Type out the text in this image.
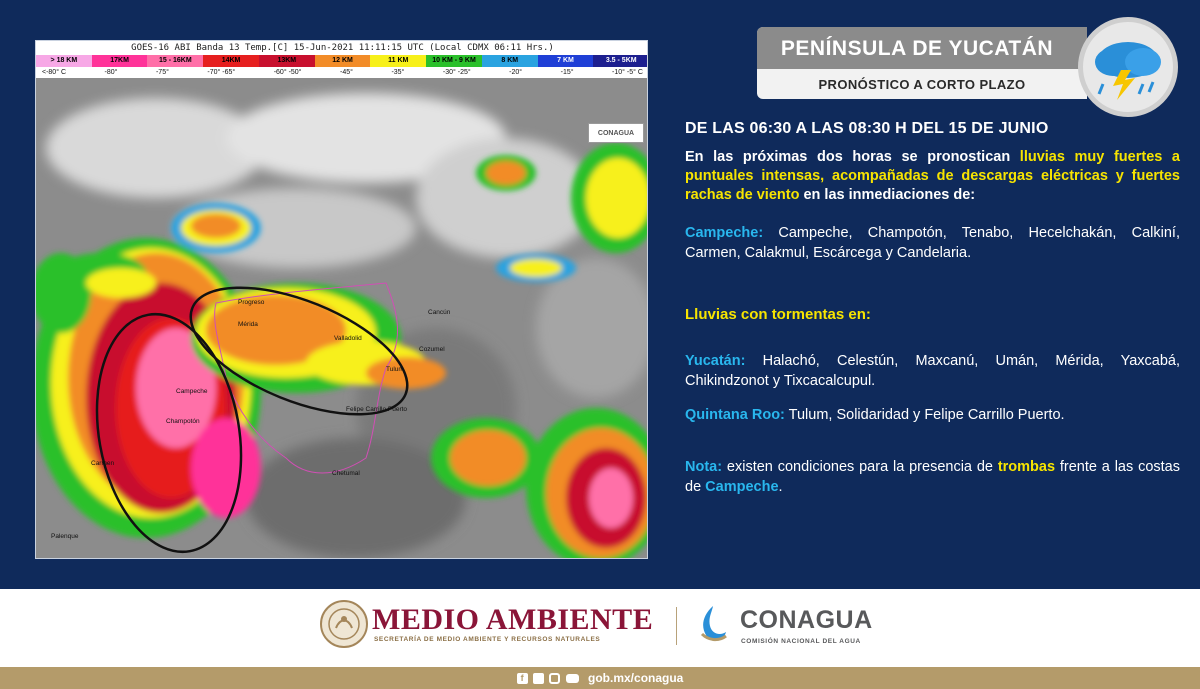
GOES-16 ABI Banda 13 Temp.[C] 15-Jun-2021 11:11:15 UTC (Local CDMX 06:11 Hrs.)
> 18 KM	17KM	15 - 16KM	14KM	13KM	12 KM	11 KM	10 KM - 9 KM	8 KM	7 KM	3.5 - 5KM
<-80° C	-80°	-75°	-70° -65°	-60° -50°	-45°	-35°	-30° -25°	-20°	-15°	-10° -5° C
Progreso
Mérida
Valladolid
Cancún
Cozumel
Tulum
Campeche
Champotón
Carmen
Felipe Carrillo Puerto
Chetumal
Palenque
CONAGUA
PENÍNSULA DE YUCATÁN
PRONÓSTICO A CORTO PLAZO
DE LAS 06:30 A LAS 08:30 H DEL 15 DE JUNIO

En las próximas dos horas se pronostican lluvias muy fuertes a puntuales intensas, acompañadas de descargas eléctricas y fuertes rachas de viento en las inmediaciones de:

Campeche: Campeche, Champotón, Tenabo, Hecelchakán, Calkiní, Carmen, Calakmul, Escárcega y Candelaria.

Lluvias con tormentas en:

Yucatán: Halachó, Celestún, Maxcanú, Umán, Mérida, Yaxcabá, Chikindzonot y Tixcacalcupul.

Quintana Roo: Tulum, Solidaridad y Felipe Carrillo Puerto.

Nota: existen condiciones para la presencia de trombas frente a las costas de Campeche.

MEDIO AMBIENTE
SECRETARÍA DE MEDIO AMBIENTE Y RECURSOS NATURALES
CONAGUA
COMISIÓN NACIONAL DEL AGUA
f	gob.mx/conagua
